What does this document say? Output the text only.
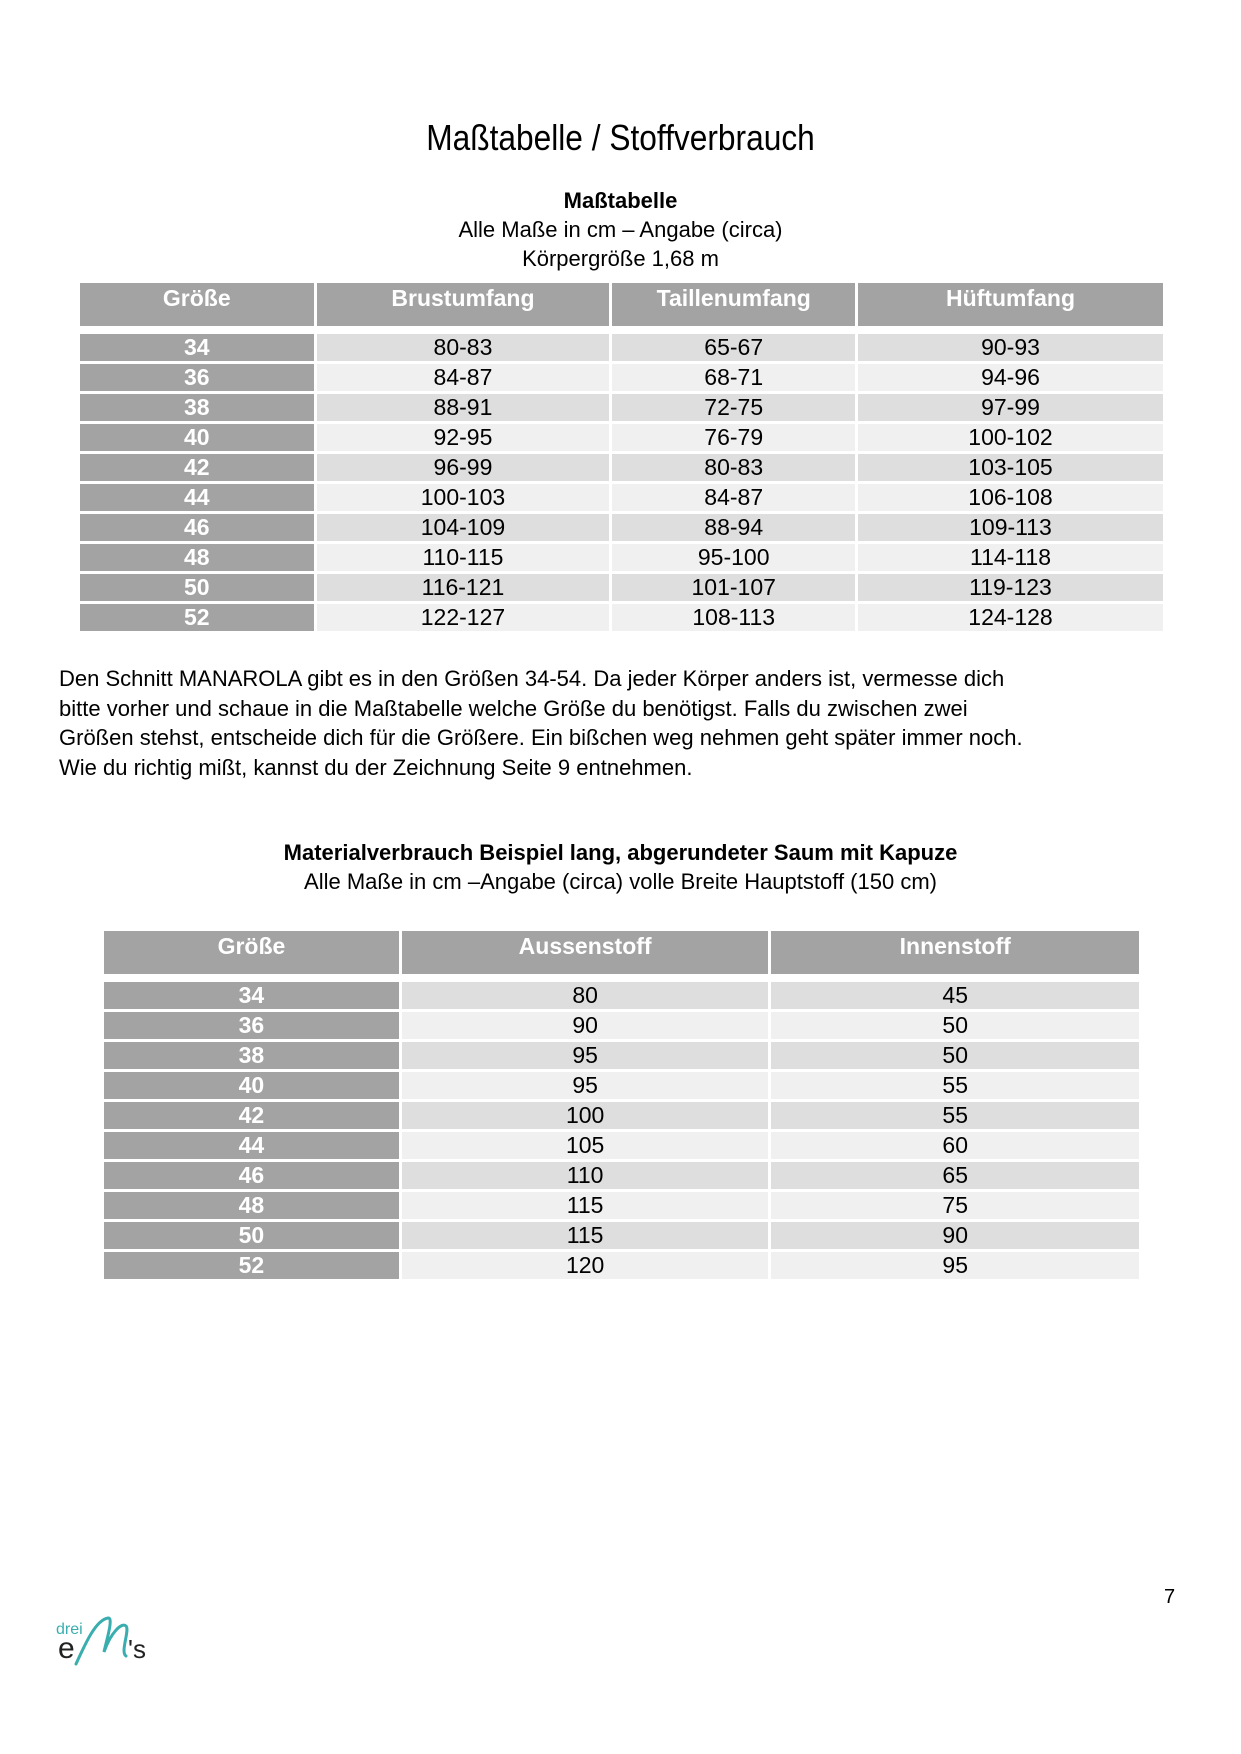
Maßtabelle / Stoffverbrauch
Maßtabelle
Alle Maße in cm – Angabe (circa)
Körpergröße 1,68 m
Größe	Brustumfang	Taillenumfang	Hüftumfang

34	80-83	65-67	90-93
36	84-87	68-71	94-96
38	88-91	72-75	97-99
40	92-95	76-79	100-102
42	96-99	80-83	103-105
44	100-103	84-87	106-108
46	104-109	88-94	109-113
48	110-115	95-100	114-118
50	116-121	101-107	119-123
52	122-127	108-113	124-128
Den Schnitt MANAROLA gibt es in den Größen 34-54. Da jeder Körper anders ist, vermesse dich
bitte vorher und schaue in die Maßtabelle welche Größe du benötigst. Falls du zwischen zwei
Größen stehst, entscheide dich für die Größere. Ein bißchen weg nehmen geht später immer noch.
Wie du richtig mißt, kannst du der Zeichnung Seite 9 entnehmen.
Materialverbrauch Beispiel lang, abgerundeter Saum mit Kapuze
Alle Maße in cm –Angabe (circa) volle Breite Hauptstoff (150 cm)
Größe	Aussenstoff	Innenstoff

34	80	45
36	90	50
38	95	50
40	95	55
42	100	55
44	105	60
46	110	65
48	115	75
50	115	90
52	120	95
7
drei
e 's
